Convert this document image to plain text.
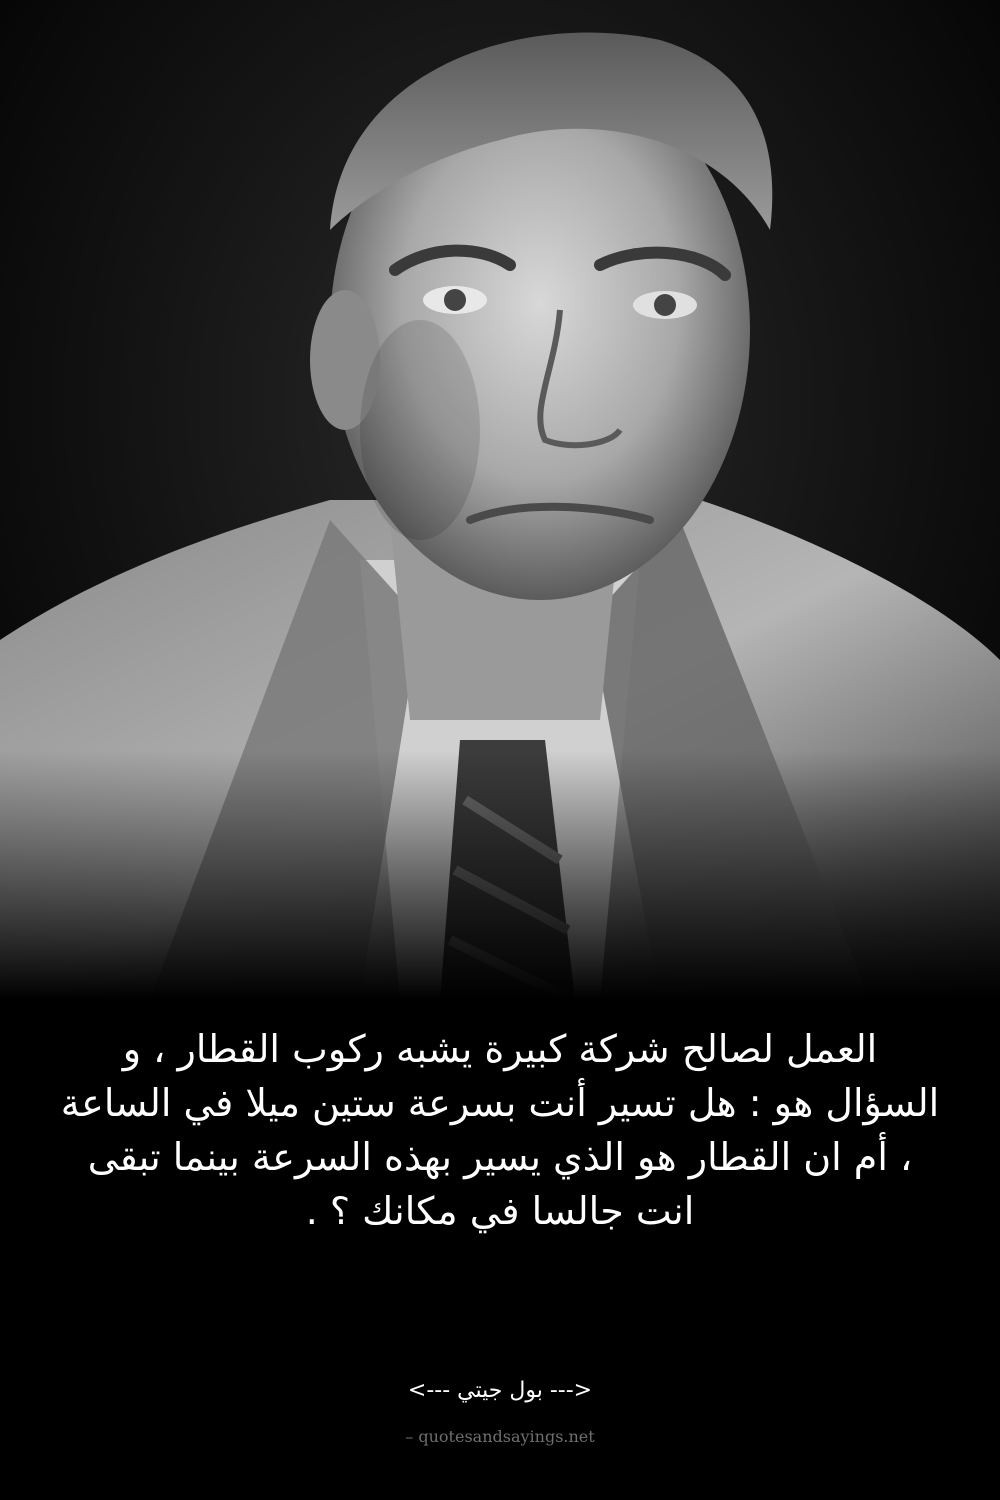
العمل لصالح شركة كبيرة يشبه ركوب القطار ، و السؤال هو : هل تسير أنت بسرعة ستين ميلا في الساعة ، أم ان القطار هو الذي يسير بهذه السرعة بينما تبقى انت جالسا في مكانك ؟ .

<--- بول جيتي --->

– quotesandsayings.net
